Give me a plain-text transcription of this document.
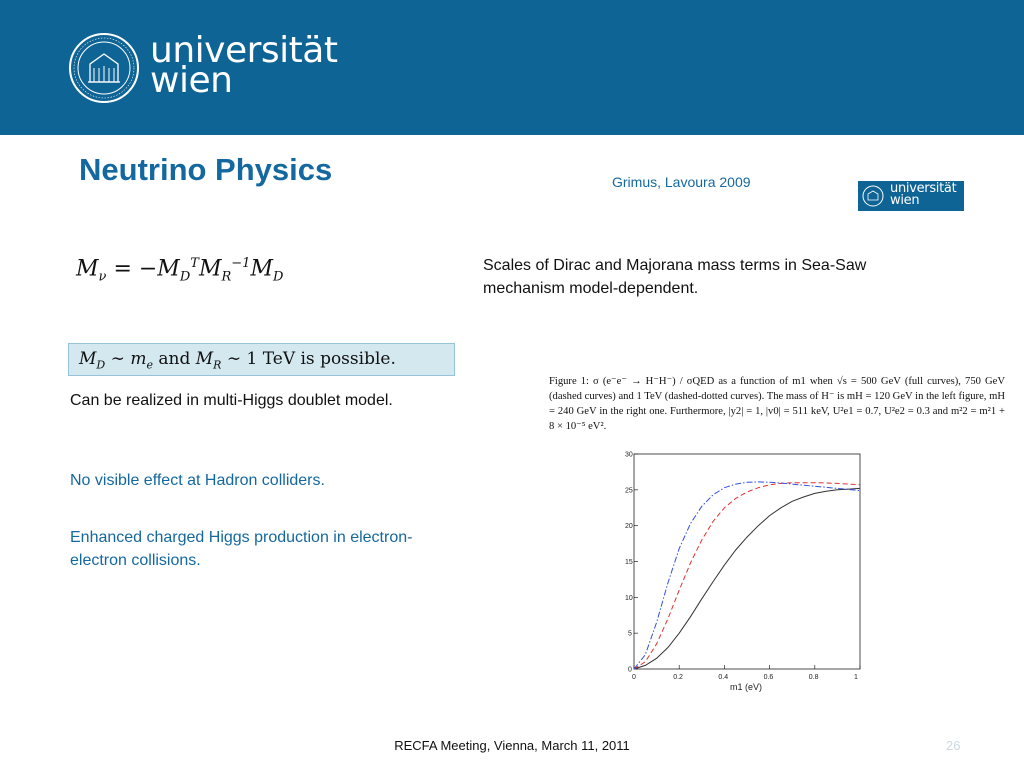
universität
wien
Neutrino Physics	Grimus, Lavoura 2009	universität
wien
$M_\nu = -M_D^TM_R^{-1}M_D$
Scales of Dirac and Majorana mass terms in Sea-Saw mechanism model-dependent.
$M_D$ ∼ $m_e$ and $M_R$ ∼ 1 TeV is possible.
Can be realized in multi-Higgs doublet model.
No visible effect at Hadron colliders.
Enhanced charged Higgs production in electron-electron collisions.
Figure 1: σ (e⁻e⁻ → H⁻H⁻) / σQED as a function of m1 when √s = 500 GeV (full curves), 750 GeV (dashed curves) and 1 TeV (dashed-dotted curves). The mass of H⁻ is mH = 120 GeV in the left figure, mH = 240 GeV in the right one. Furthermore, |y2| = 1, |v0| = 511 keV, U²e1 = 0.7, U²e2 = 0.3 and m²2 = m²1 + 8 × 10⁻⁵ eV².
0	0.2	0.4	0.6	0.8	1
0
5
10
15
20
25
30
m1 (eV)
RECFA Meeting, Vienna, March 11, 2011	26
